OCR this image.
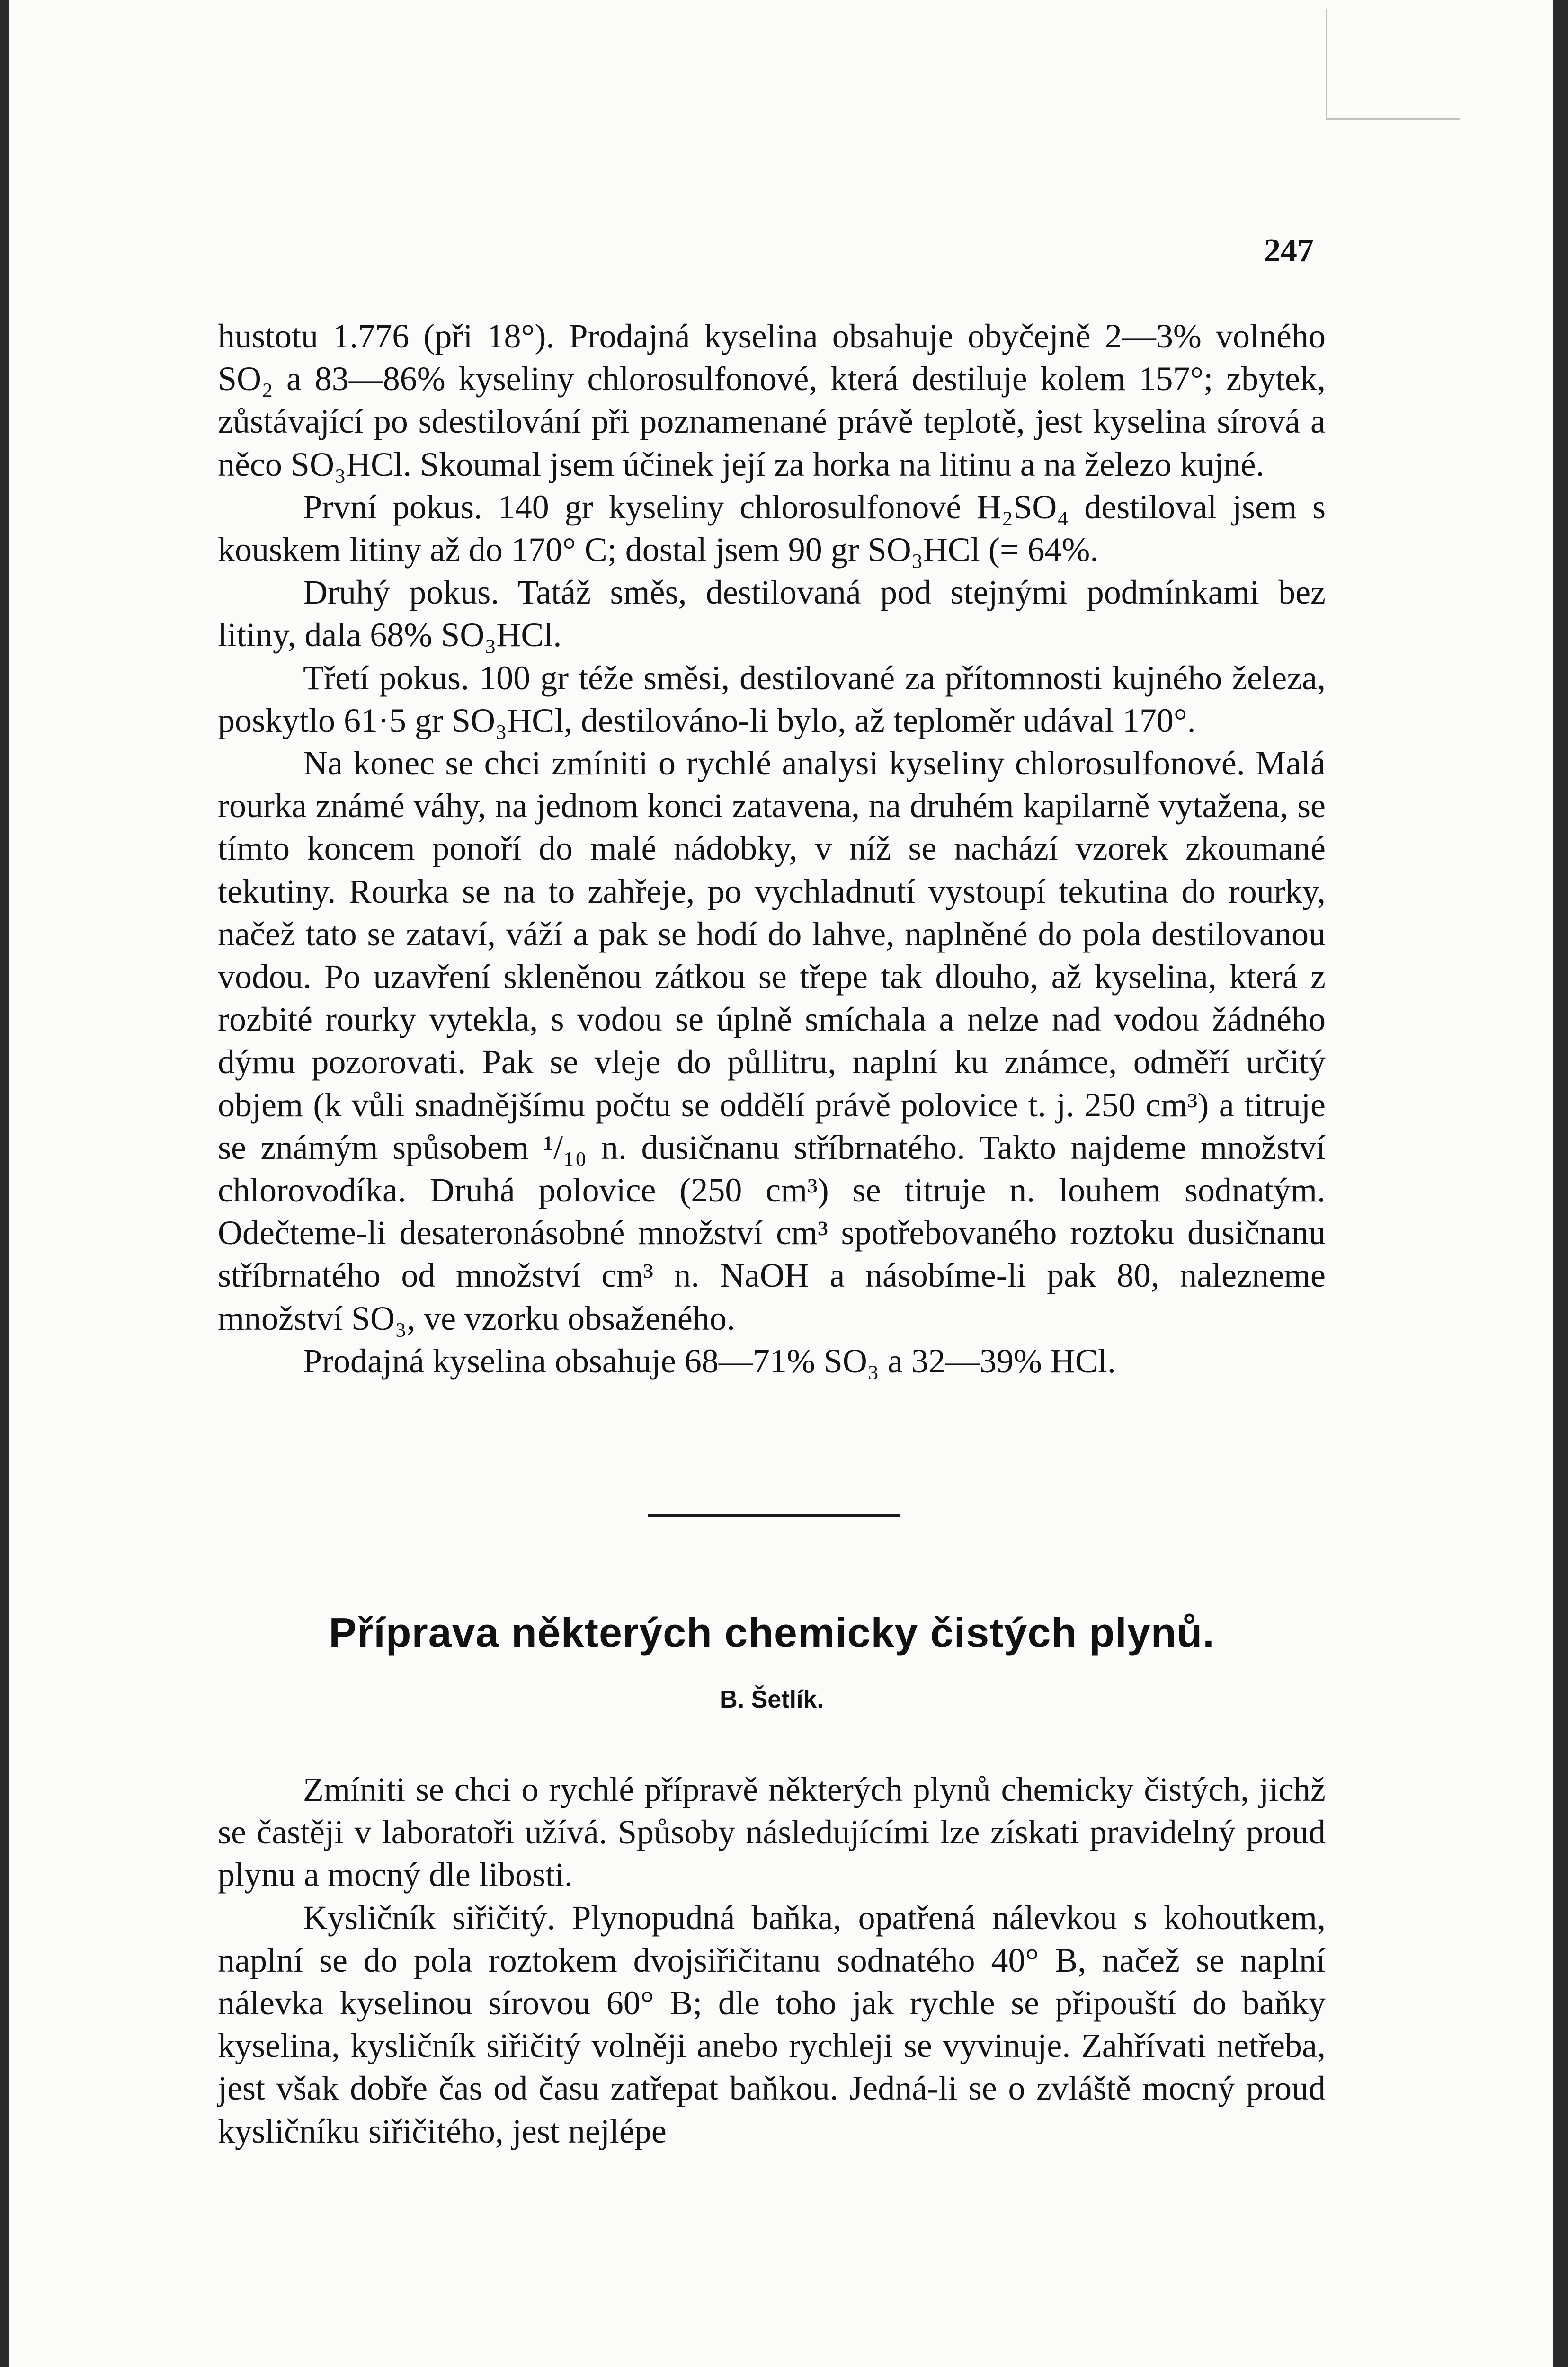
247

hustotu 1.776 (při 18°). Prodajná kyselina obsahuje obyčejně 2—3% volného SO₂ a 83—86% kyseliny chlorosulfonové, která destiluje kolem 157°; zbytek, zůstávající po sdestilování při poznamenané právě teplotě, jest kyselina sírová a něco SO₃HCl. Skoumal jsem účinek její za horka na litinu a na železo kujné.

První pokus. 140 gr kyseliny chlorosulfonové H₂SO₄ destiloval jsem s kouskem litiny až do 170° C; dostal jsem 90 gr SO₃HCl (= 64%.

Druhý pokus. Tatáž směs, destilovaná pod stejnými podmínkami bez litiny, dala 68% SO₃HCl.

Třetí pokus. 100 gr téže směsi, destilované za přítomnosti kujného železa, poskytlo 61·5 gr SO₃HCl, destilováno-li bylo, až teploměr udával 170°.

Na konec se chci zmíniti o rychlé analysi kyseliny chlorosulfonové. Malá rourka známé váhy, na jednom konci zatavena, na druhém kapilarně vytažena, se tímto koncem ponoří do malé nádobky, v níž se nachází vzorek zkoumané tekutiny. Rourka se na to zahřeje, po vychladnutí vystoupí tekutina do rourky, načež tato se zataví, váží a pak se hodí do lahve, naplněné do pola destilovanou vodou. Po uzavření skleněnou zátkou se třepe tak dlouho, až kyselina, která z rozbité rourky vytekla, s vodou se úplně smíchala a nelze nad vodou žádného dýmu pozorovati. Pak se vleje do půllitru, naplní ku známce, odměří určitý objem (k vůli snadnějšímu počtu se oddělí právě polovice t. j. 250 cm³) a titruje se známým spůsobem ¹/₁₀ n. dusičnanu stříbrnatého. Takto najdeme množství chlorovodíka. Druhá polovice (250 cm³) se titruje n. louhem sodnatým. Odečteme-li desateronásobné množství cm³ spotřebovaného roztoku dusičnanu stříbrnatého od množství cm³ n. NaOH a násobíme-li pak 80, nalezneme množství SO₃, ve vzorku obsaženého.

Prodajná kyselina obsahuje 68—71% SO₃ a 32—39% HCl.

Příprava některých chemicky čistých plynů.
B. Šetlík.

Zmíniti se chci o rychlé přípravě některých plynů chemicky čistých, jichž se častěji v laboratoři užívá. Spůsoby následujícími lze získati pravidelný proud plynu a mocný dle libosti.

Kysličník siřičitý. Plynopudná baňka, opatřená nálevkou s kohoutkem, naplní se do pola roztokem dvojsiřičitanu sodnatého 40° B, načež se naplní nálevka kyselinou sírovou 60° B; dle toho jak rychle se připouští do baňky kyselina, kysličník siřičitý volněji anebo rychleji se vyvinuje. Zahřívati netřeba, jest však dobře čas od času zatřepat baňkou. Jedná-li se o zvláště mocný proud kysličníku siřičitého, jest nejlépe
